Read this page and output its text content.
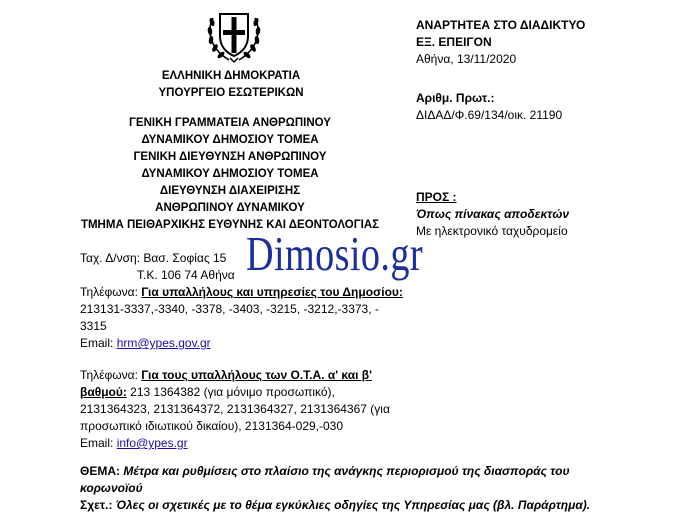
ΕΛΛΗΝΙΚΗ ΔΗΜΟΚΡΑΤΙΑ
ΥΠΟΥΡΓΕΙΟ ΕΣΩΤΕΡΙΚΩΝ
ΓΕΝΙΚΗ ΓΡΑΜΜΑΤΕΙΑ ΑΝΘΡΩΠΙΝΟΥ
ΔΥΝΑΜΙΚΟΥ ΔΗΜΟΣΙΟΥ ΤΟΜΕΑ
ΓΕΝΙΚΗ ΔΙΕΥΘΥΝΣΗ ΑΝΘΡΩΠΙΝΟΥ
ΔΥΝΑΜΙΚΟΥ ΔΗΜΟΣΙΟΥ ΤΟΜΕΑ
ΔΙΕΥΘΥΝΣΗ ΔΙΑΧΕΙΡΙΣΗΣ
ΑΝΘΡΩΠΙΝΟΥ ΔΥΝΑΜΙΚΟΥ
ΤΜΗΜΑ ΠΕΙΘΑΡΧΙΚΗΣ ΕΥΘΥΝΗΣ ΚΑΙ ΔΕΟΝΤΟΛΟΓΙΑΣ
ΑΝΑΡΤΗΤΕΑ ΣΤΟ ΔΙΑΔΙΚΤΥΟ
ΕΞ. ΕΠΕΙΓΟΝ
Αθήνα, 13/11/2020
Αριθμ. Πρωτ.:
ΔΙΔΑΔ/Φ.69/134/οικ. 21190
ΠΡΟΣ :
Όπως πίνακας αποδεκτών
Με ηλεκτρονικό ταχυδρομείο
Dimosio.gr
Ταχ. Δ/νση: Βασ. Σοφίας 15
Τ.Κ. 106 74 Αθήνα
Τηλέφωνα: Για υπαλλήλους και υπηρεσίες του Δημοσίου:
213131-3337,-3340, -3378, -3403, -3215, -3212,-3373, -
3315
Email: hrm@ypes.gov.gr
Τηλέφωνα: Για τους υπαλλήλους των Ο.Τ.Α. α' και β'
βαθμού: 213 1364382 (για μόνιμο προσωπικό),
2131364323, 2131364372, 2131364327, 2131364367 (για
προσωπικό ιδιωτικού δικαίου), 2131364-029,-030
Email: info@ypes.gr
ΘΕΜΑ: Μέτρα και ρυθμίσεις στο πλαίσιο της ανάγκης περιορισμού της διασποράς του
κορωνοϊού
Σχετ.: Όλες οι σχετικές με το θέμα εγκύκλιες οδηγίες της Υπηρεσίας μας (βλ. Παράρτημα).
